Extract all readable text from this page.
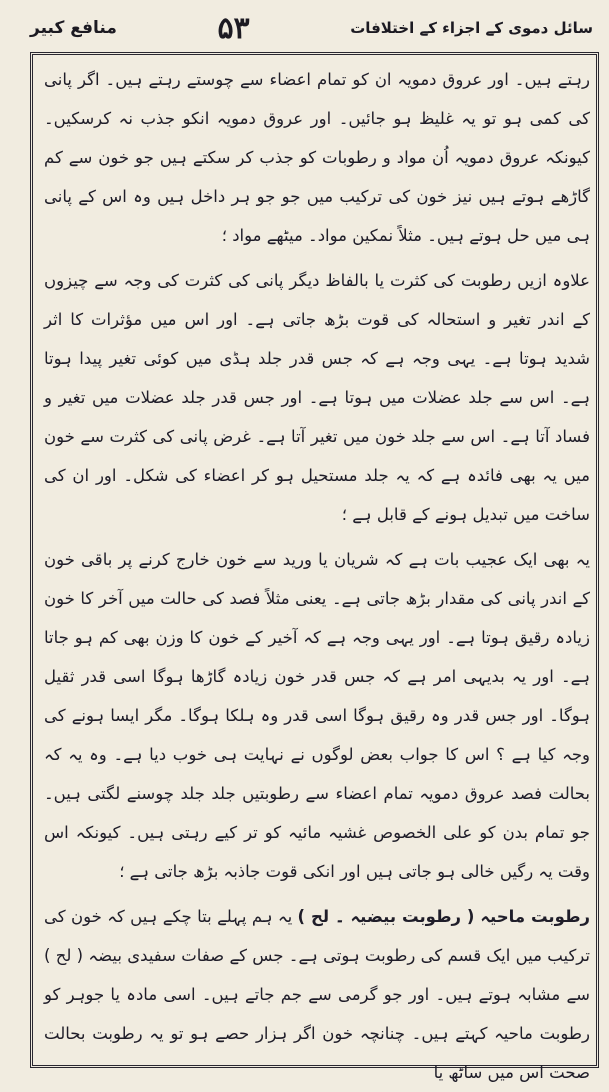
سائل دموی کے اجزاء کے اختلافات
۵۳
منافع کبیر

رہتے ہیں۔ اور عروق دمویہ ان کو تمام اعضاء سے چوستے رہتے ہیں۔ اگر پانی کی کمی ہو تو یہ غلیظ ہو جائیں۔ اور عروق دمویہ انکو جذب نہ کرسکیں۔ کیونکہ عروق دمویہ اُن مواد و رطوبات کو جذب کر سکتے ہیں جو خون سے کم گاڑھے ہوتے ہیں نیز خون کی ترکیب میں جو جو ہر داخل ہیں وہ اس کے پانی ہی میں حل ہوتے ہیں۔ مثلاً نمکین مواد۔ میٹھے مواد ؛

علاوہ ازیں رطوبت کی کثرت یا بالفاظ دیگر پانی کی کثرت کی وجہ سے چیزوں کے اندر تغیر و استحالہ کی قوت بڑھ جاتی ہے۔ اور اس میں مؤثرات کا اثر شدید ہوتا ہے۔ یہی وجہ ہے کہ جس قدر جلد ہڈی میں کوئی تغیر پیدا ہوتا ہے۔ اس سے جلد عضلات میں ہوتا ہے۔ اور جس قدر جلد عضلات میں تغیر و فساد آتا ہے۔ اس سے جلد خون میں تغیر آتا ہے۔ غرض پانی کی کثرت سے خون میں یہ بھی فائدہ ہے کہ یہ جلد مستحیل ہو کر اعضاء کی شکل۔ اور ان کی ساخت میں تبدیل ہونے کے قابل ہے ؛

یہ بھی ایک عجیب بات ہے کہ شریان یا ورید سے خون خارج کرنے پر باقی خون کے اندر پانی کی مقدار بڑھ جاتی ہے۔ یعنی مثلاً فصد کی حالت میں آخر کا خون زیادہ رقیق ہوتا ہے۔ اور یہی وجہ ہے کہ آخیر کے خون کا وزن بھی کم ہو جاتا ہے۔ اور یہ بدیہی امر ہے کہ جس قدر خون زیادہ گاڑھا ہوگا اسی قدر ثقیل ہوگا۔ اور جس قدر وہ رقیق ہوگا اسی قدر وہ ہلکا ہوگا۔ مگر ایسا ہونے کی وجہ کیا ہے ؟ اس کا جواب بعض لوگوں نے نہایت ہی خوب دیا ہے۔ وہ یہ کہ بحالت فصد عروق دمویہ تمام اعضاء سے رطوبتیں جلد جلد چوسنے لگتی ہیں۔ جو تمام بدن کو علی الخصوص غشیہ مائیہ کو تر کیے رہتی ہیں۔ کیونکہ اس وقت یہ رگیں خالی ہو جاتی ہیں اور انکی قوت جاذبہ بڑھ جاتی ہے ؛

رطوبت ماحیہ ( رطوبت بیضیہ ۔ لح ) یہ ہم پہلے بتا چکے ہیں کہ خون کی ترکیب میں ایک قسم کی رطوبت ہوتی ہے۔ جس کے صفات سفیدی بیضہ ( لح ) سے مشابہ ہوتے ہیں۔ اور جو گرمی سے جم جاتے ہیں۔ اسی مادہ یا جوہر کو رطوبت ماحیہ کہتے ہیں۔ چنانچہ خون اگر ہزار حصے ہو تو یہ رطوبت بحالت صحت اس میں ساٹھ یا
